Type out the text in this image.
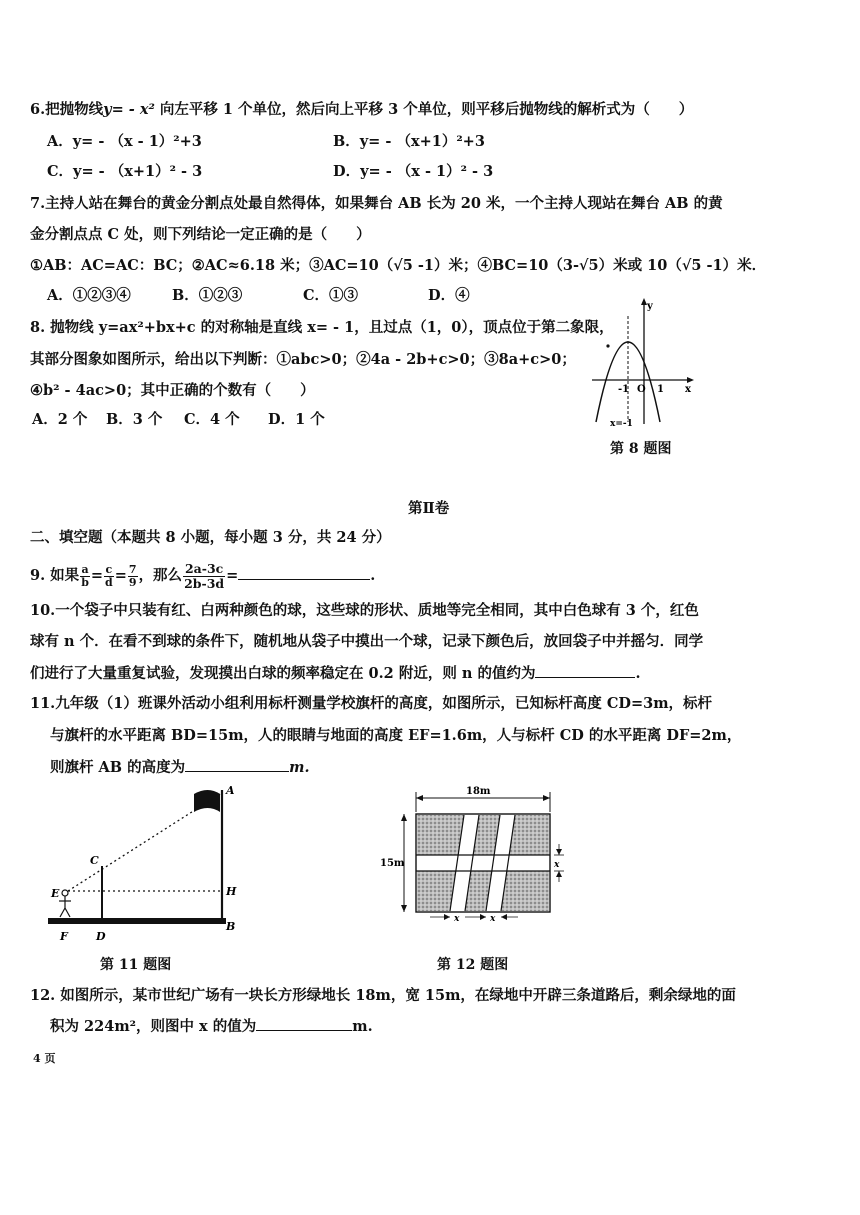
6.把抛物线y= - x² 向左平移 1 个单位，然后向上平移 3 个单位，则平移后抛物线的解析式为（　　）
A．y= - （x - 1）²+3	B．y= - （x+1）²+3
C．y= - （x+1）² - 3	D．y= - （x - 1）² - 3
7.主持人站在舞台的黄金分割点处最自然得体，如果舞台 AB 长为 20 米，一个主持人现站在舞台 AB 的黄
金分割点点 C 处，则下列结论一定正确的是（　　）
①AB：AC=AC：BC；②AC≈6.18 米；③AC=10（√5 -1）米；④BC=10（3-√5）米或 10（√5 -1）米．
A．①②③④	B．①②③	C．①③	D．④
8. 抛物线 y=ax²+bx+c 的对称轴是直线 x= - 1，且过点（1，0），顶点位于第二象限，
其部分图象如图所示，给出以下判断：①abc>0；②4a - 2b+c>0；③8a+c>0；
④b² - 4ac>0；其中正确的个数有（　　）
A．2 个 B．3 个 C．4 个 D．1 个
y
x
-1 O 1
x=-1
第 8 题图
第Ⅱ卷
二、填空题（本题共 8 小题，每小题 3 分，共 24 分）
9. 如果 $\frac{a}{b} = \frac{c}{d} = \frac{7}{9}$ ，那么 $\frac{2a-3c}{2b-3d}$ =	.
10.一个袋子中只装有红、白两种颜色的球，这些球的形状、质地等完全相同，其中白色球有 3 个，红色
球有 n 个．在看不到球的条件下，随机地从袋子中摸出一个球，记录下颜色后，放回袋子中并摇匀．同学
们进行了大量重复试验，发现摸出白球的频率稳定在 0.2 附近，则 n 的值约为	.
11.九年级（1）班课外活动小组利用标杆测量学校旗杆的高度，如图所示，已知标杆高度 CD=3m，标杆
与旗杆的水平距离 BD=15m，人的眼睛与地面的高度 EF=1.6m，人与标杆 CD 的水平距离 DF=2m，
则旗杆 AB 的高度为	m.
A
B
C
D
E
F
H
第 11 题图
18m
15m	x
x	x
第 12 题图
12. 如图所示，某市世纪广场有一块长方形绿地长 18m，宽 15m，在绿地中开辟三条道路后，剩余绿地的面
积为 224m²，则图中 x 的值为	m.
4 页
